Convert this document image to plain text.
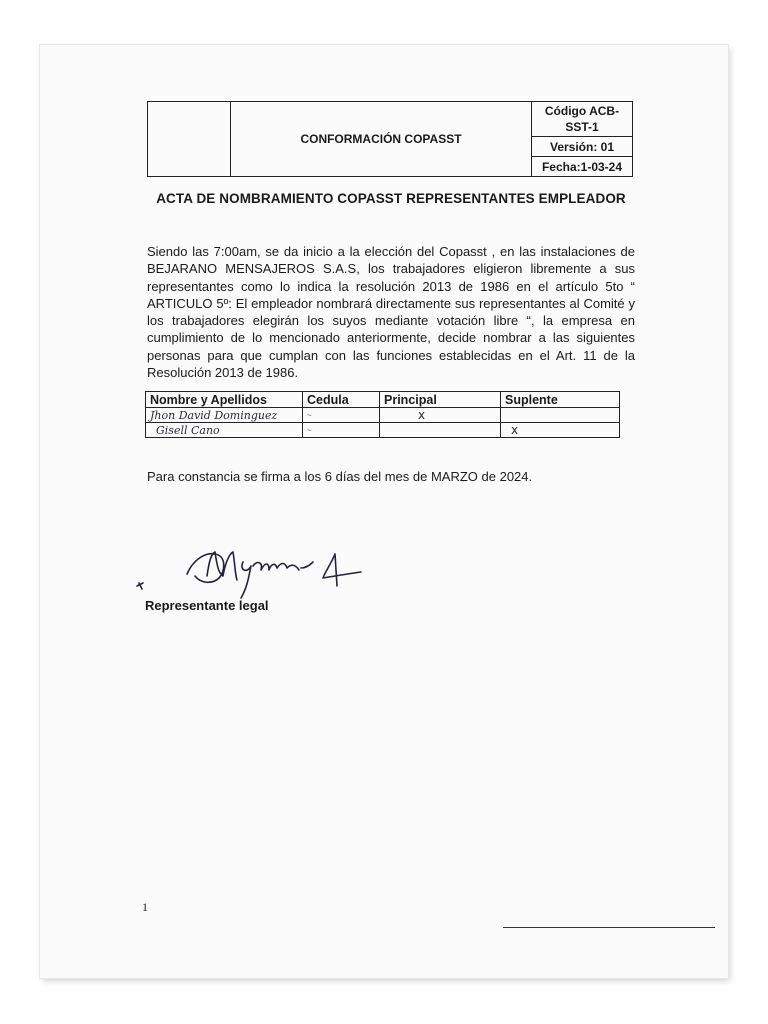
	CONFORMACIÓN COPASST	Código ACB-
SST-1
Versión: 01
Fecha:1-03-24
ACTA DE NOMBRAMIENTO COPASST REPRESENTANTES EMPLEADOR
Siendo las 7:00am, se da inicio a la elección del Copasst , en las instalaciones de BEJARANO MENSAJEROS S.A.S, los trabajadores eligieron libremente a sus representantes como lo indica la resolución 2013 de 1986 en el artículo 5to “ ARTICULO 5º: El empleador nombrará directamente sus representantes al Comité y los trabajadores elegirán los suyos mediante votación libre “, la empresa en cumplimiento de lo mencionado anteriormente, decide nombrar a las siguientes personas para que cumplan con las funciones establecidas en el Art. 11 de la Resolución 2013 de 1986.
Nombre y Apellidos	Cedula	Principal	Suplente
Jhon David Dominguez	~	x	
Gisell Cano	~		x
Para constancia se firma a los 6 días del mes de MARZO de 2024.
Representante legal
1
